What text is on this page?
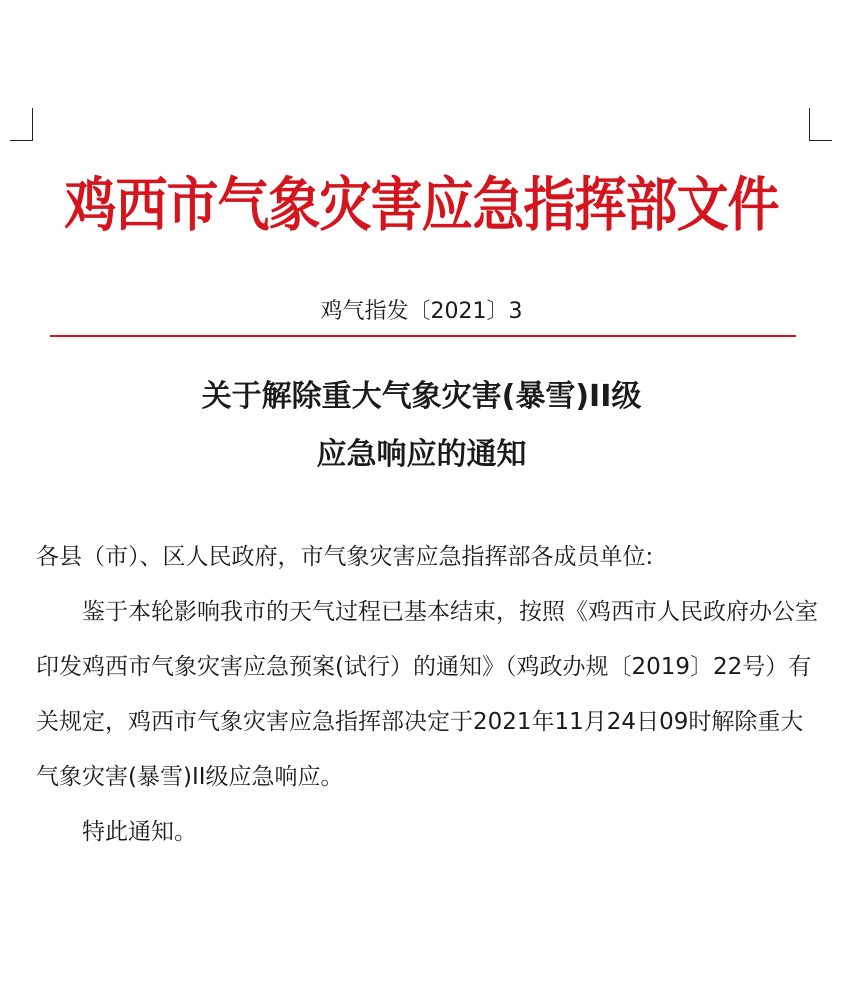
鸡西市气象灾害应急指挥部文件
鸡气指发〔2021〕3
关于解除重大气象灾害(暴雪)II级
应急响应的通知

各县（市）、区人民政府，市气象灾害应急指挥部各成员单位:

鉴于本轮影响我市的天气过程已基本结束，按照《鸡西市人民政府办公室印发鸡西市气象灾害应急预案(试行）的通知》（鸡政办规〔2019〕22号）有关规定，鸡西市气象灾害应急指挥部决定于2021年11月24日09时解除重大气象灾害(暴雪)II级应急响应。

特此通知。
